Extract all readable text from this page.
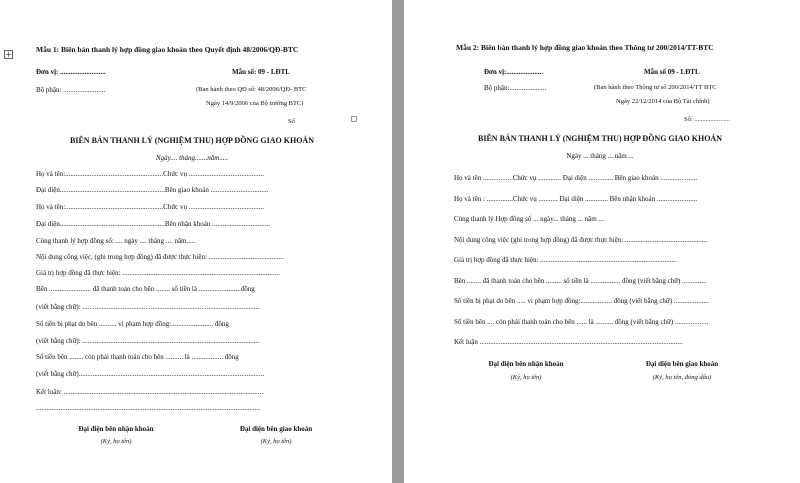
+
Mẫu 1: Biên bản thanh lý hợp đồng giao khoán theo Quyết định 48/2006/QĐ-BTC
Đơn vị: ..........................	Mẫu số: 09 - LĐTL
Bộ phận: ........................	(Ban hành theo QĐ số: 48/2006/QĐ- BTC
Ngày 14/9/2006 của Bộ trưởng BTC)
Số
BIÊN BẢN THANH LÝ (NGHIỆM THU) HỢP ĐỒNG GIAO KHOÁN
Ngày.... tháng.......năm.....
Họ và tên:........................................................Chức vụ ...........................................
Đại diện............................................................Bên giao khoán .................................
Họ và tên:........................................................Chức vụ ...........................................
Đại diện............................................................Bên nhận khoán .................................
Cùng thanh lý hợp đồng số: .... ngày .... tháng .... năm.....
Nội dung công việc, (ghi trong hợp đồng) đã được thực hiện: ...........................................
Giá trị hợp đồng đã thực hiện: ..........................................................................................
Bên ........................ đã thanh toán cho bên ........ số tiền là ........................đồng
(viết bằng chữ): .....................................................................................................
Số tiền bị phạt do bên .......... vi phạm hợp đồng:........................ đồng
(viết bằng chữ): .....................................................................................................
Số tiền bên ........ còn phải thanh toán cho bên .......... là .................. đồng
(viết bằng chữ)..........................................................................................................
Kết luận: ..................................................................................................................
................................................................................................................................
Đại diện bên nhận khoán
(Ký, họ tên)
Đại diện bên giao khoán
(Ký, họ tên)
Mẫu 2: Biên bản thanh lý hợp đồng giao khoán theo Thông tư 200/2014/TT-BTC
Đơn vị:.....................	Mẫu số 09 - LĐTL
Bộ phận:.....................	(Ban hành theo Thông tư số 200/2014/TT BTC
Ngày 22/12/2014 của Bộ Tài chính)
Số: ......................
BIÊN BẢN THANH LÝ (NGHIỆM THU) HỢP ĐỒNG GIAO KHOÁN
Ngày ... tháng ... năm ...
Họ và tên .................Chức vụ ............. Đại diện .............. Bên giao khoán .....................
Họ và tên : ...............Chức vụ ........... Đại diện ............. Bên nhận khoán .......................
Cùng thanh lý Hợp đồng số ... ngày... tháng ... năm ...
Nội dung công việc (ghi trong hợp đồng) đã được thực hiện: ...............................................
Giá trị hợp đồng đã thực hiện: ..............................................................................
Bên ........ đã thanh toán cho bên ......... số tiền là ................. đồng (viết bằng chữ) ..............
Số tiền bị phạt do bên ..... vi phạm hợp đồng:.................. đồng (viết bằng chữ) ....................
Số tiền bên .... còn phải thanh toán cho bên ...... là .......... đồng (viết bằng chữ) ...................
Kết luận ....................................................................................................................
Đại diện bên nhận khoán
(Ký, họ tên)
Đại diện bên giao khoán
(Ký, họ tên, đóng dấu)
